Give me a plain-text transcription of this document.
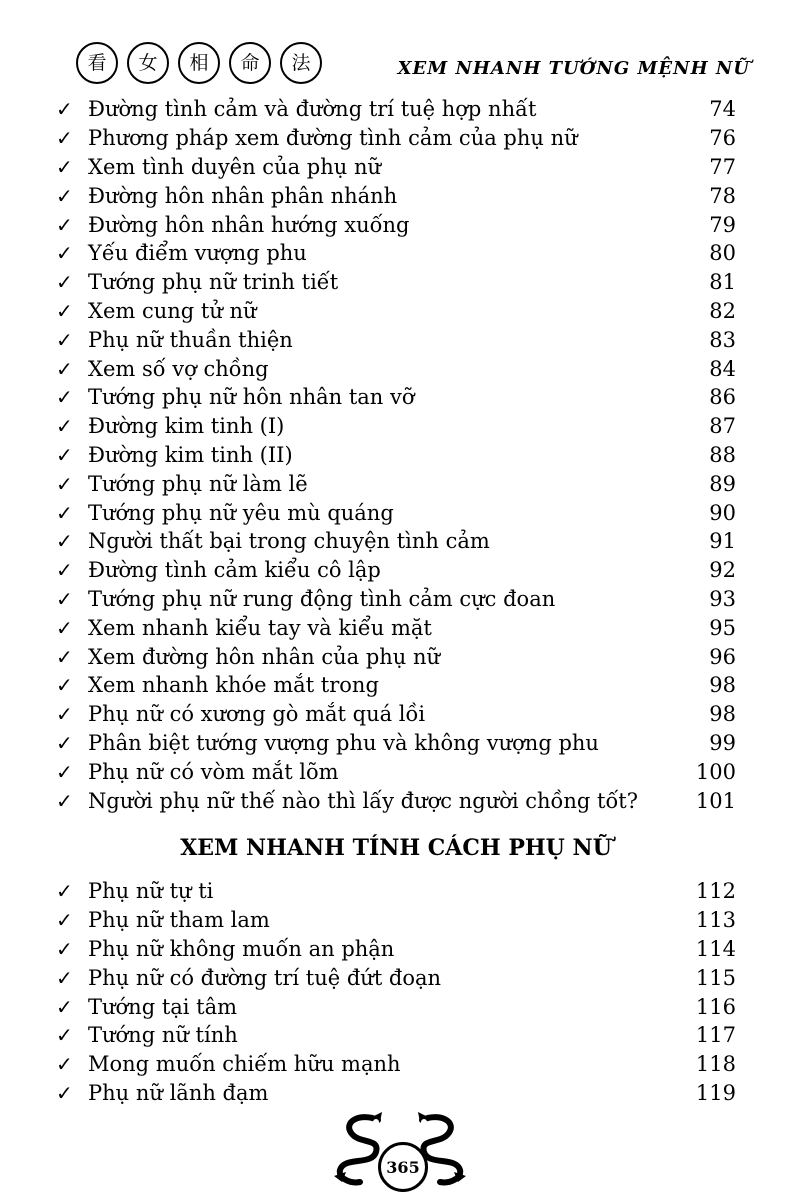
看	女	相	命	法	XEM NHANH TƯỚNG MỆNH NỮ
✓ Đường tình cảm và đường trí tuệ hợp nhất	74
✓ Phương pháp xem đường tình cảm của phụ nữ	76
✓ Xem tình duyên của phụ nữ	77
✓ Đường hôn nhân phân nhánh	78
✓ Đường hôn nhân hướng xuống	79
✓ Yếu điểm vượng phu	80
✓ Tướng phụ nữ trinh tiết	81
✓ Xem cung tử nữ	82
✓ Phụ nữ thuần thiện	83
✓ Xem số vợ chồng	84
✓ Tướng phụ nữ hôn nhân tan vỡ	86
✓ Đường kim tinh (I)	87
✓ Đường kim tinh (II)	88
✓ Tướng phụ nữ làm lẽ	89
✓ Tướng phụ nữ yêu mù quáng	90
✓ Người thất bại trong chuyện tình cảm	91
✓ Đường tình cảm kiểu cô lập	92
✓ Tướng phụ nữ rung động tình cảm cực đoan	93
✓ Xem nhanh kiểu tay và kiểu mặt	95
✓ Xem đường hôn nhân của phụ nữ	96
✓ Xem nhanh khóe mắt trong	98
✓ Phụ nữ có xương gò mắt quá lồi	98
✓ Phân biệt tướng vượng phu và không vượng phu	99
✓ Phụ nữ có vòm mắt lõm	100
✓ Người phụ nữ thế nào thì lấy được người chồng tốt?	101
XEM NHANH TÍNH CÁCH PHỤ NỮ
✓ Phụ nữ tự ti	112
✓ Phụ nữ tham lam	113
✓ Phụ nữ không muốn an phận	114
✓ Phụ nữ có đường trí tuệ đứt đoạn	115
✓ Tướng tại tâm	116
✓ Tướng nữ tính	117
✓ Mong muốn chiếm hữu mạnh	118
✓ Phụ nữ lãnh đạm	119
365
